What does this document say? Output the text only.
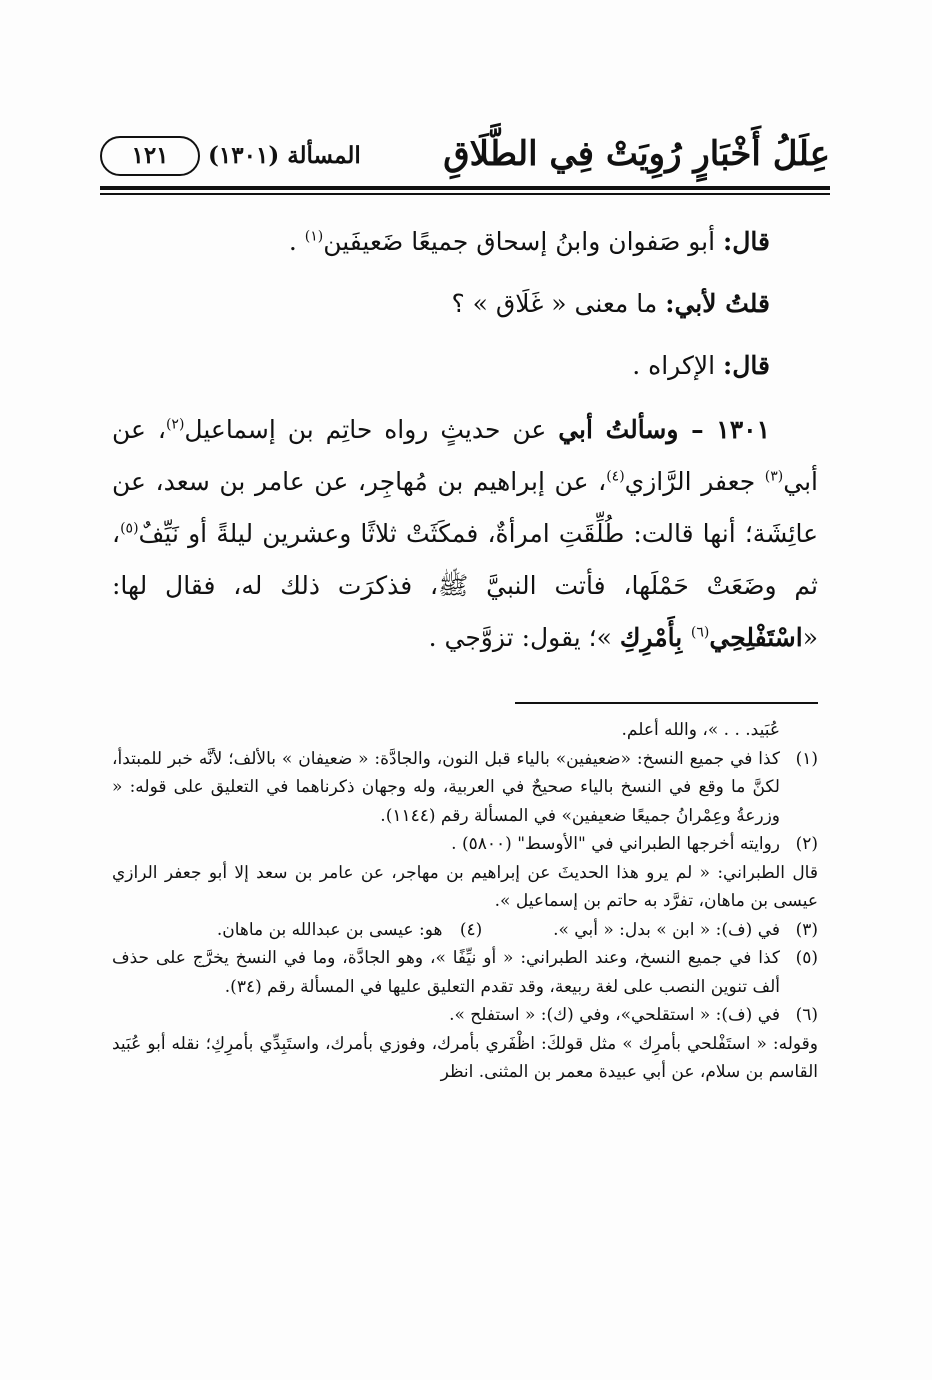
عِلَلُ أَخْبَارٍ رُوِيَتْ فِي الطَّلَاقِ
المسألة (١٣٠١)
١٢١

قال: أبو صَفوان وابنُ إسحاق جميعًا ضَعيفَين$^{(١)}$ .

قلتُ لأبي: ما معنى « غَلَاق » ؟

قال: الإكراه .

١٣٠١ – وسألتُ أبي عن حديثٍ رواه حاتِم بن إسماعيل$^{(٢)}$، عن أبي$^{(٣)}$ جعفر الرَّازي$^{(٤)}$، عن إبراهيم بن مُهاجِر، عن عامر بن سعد، عن عائِشَة؛ أنها قالت: طُلِّقَتِ امرأةٌ، فمكَثَتْ ثلاثًا وعشرين ليلةً أو نَيِّفٌ$^{(٥)}$، ثم وضَعَتْ حَمْلَها، فأتت النبيَّ ﷺ، فذكرَت ذلك له، فقال لها: «اسْتَفْلِحِي$^{(٦)}$ بِأَمْرِكِ »؛ يقول: تزوَّجي .

عُبَيد. . . »، والله أعلم.
(١)
كذا في جميع النسخ: «ضعيفين» بالياء قبل النون، والجادَّة: « ضعيفان » بالألف؛ لأنَّه خبر للمبتدأ، لكنَّ ما وقع في النسخ بالياء صحيحٌ في العربية، وله وجهان ذكرناهما في التعليق على قوله: « وزرعةُ وعِمْرانُ جميعًا ضعيفين» في المسألة رقم (١١٤٤).
(٢)
روايته أخرجها الطبراني في "الأوسط" (٥٨٠٠) .
قال الطبراني: « لم يرو هذا الحديثَ عن إبراهيم بن مهاجر، عن عامر بن سعد إلا أبو جعفر الرازي عيسى بن ماهان، تفرَّد به حاتم بن إسماعيل ».
(٣)
في (ف): « ابن » بدل: « أبي ».  (٤) هو: عيسى بن عبدالله بن ماهان.
(٥)
كذا في جميع النسخ، وعند الطبراني: « أو نيِّفًا »، وهو الجادَّة، وما في النسخ يخرَّج على حذف ألف تنوين النصب على لغة ربيعة، وقد تقدم التعليق عليها في المسألة رقم (٣٤).
(٦)
في (ف): « استقلحي»، وفي (ك): « استفلح ».
وقوله: « استَفْلحي بأمرِك » مثل قولكَ: اظْفَري بأمرك، وفوزي بأمرك، واستَبِدِّي بأمرِكِ؛ نقله أبو عُبَيد القاسم بن سلام، عن أبي عبيدة معمر بن المثنى. انظر
